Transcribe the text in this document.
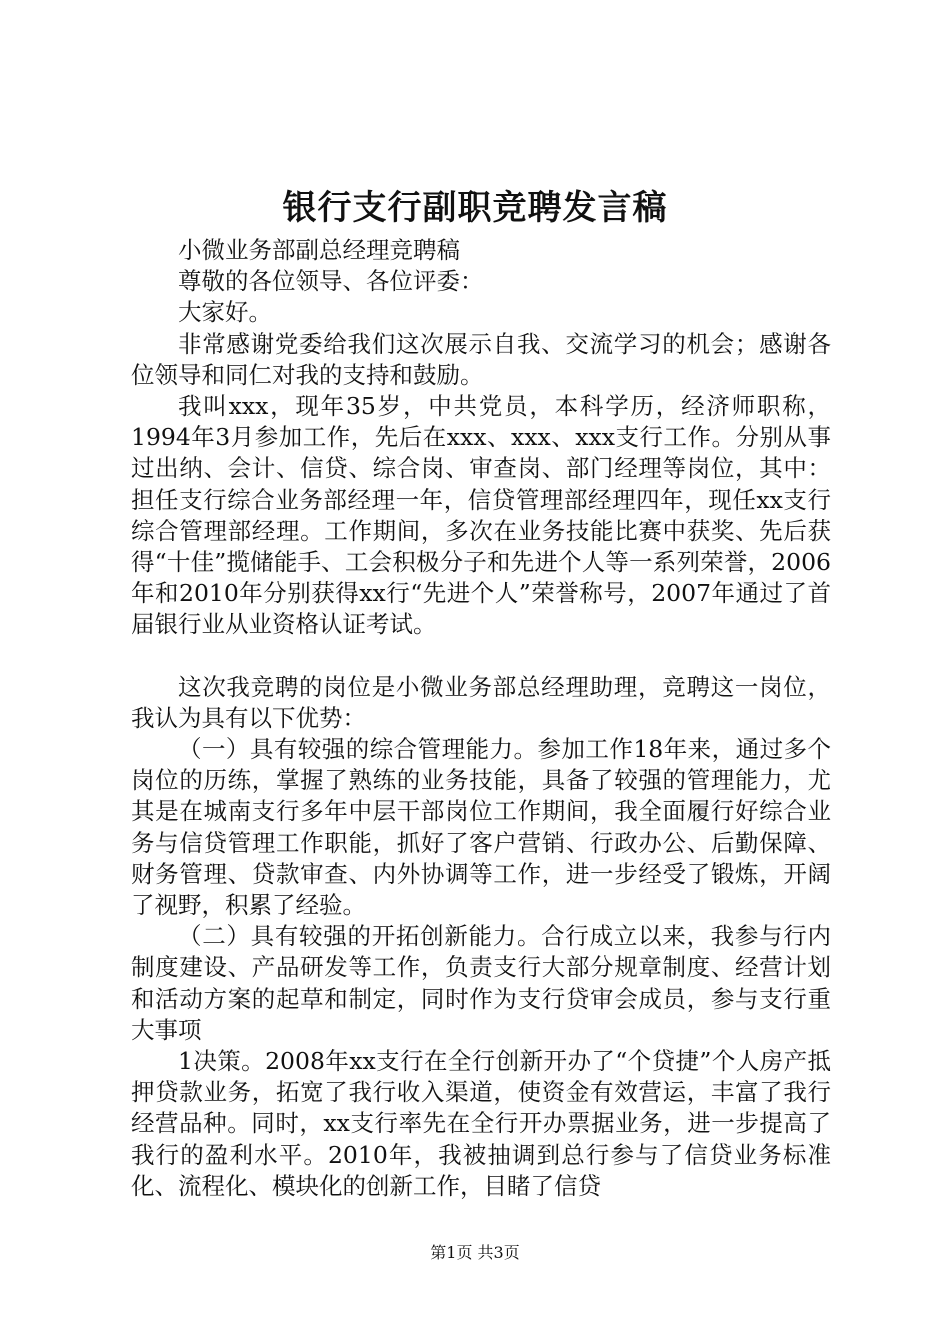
银行支行副职竞聘发言稿

小微业务部副总经理竞聘稿

尊敬的各位领导、各位评委：

大家好。

非常感谢党委给我们这次展示自我、交流学习的机会；感谢各位领导和同仁对我的支持和鼓励。

我叫xxx，现年35岁，中共党员，本科学历，经济师职称，1994年3月参加工作，先后在xxx、xxx、xxx支行工作。分别从事过出纳、会计、信贷、综合岗、审查岗、部门经理等岗位，其中：担任支行综合业务部经理一年，信贷管理部经理四年，现任xx支行综合管理部经理。工作期间，多次在业务技能比赛中获奖、先后获得“十佳”揽储能手、工会积极分子和先进个人等一系列荣誉，2006年和2010年分别获得xx行“先进个人”荣誉称号，2007年通过了首届银行业从业资格认证考试。

这次我竞聘的岗位是小微业务部总经理助理，竞聘这一岗位，我认为具有以下优势：

（一）具有较强的综合管理能力。参加工作18年来，通过多个岗位的历练，掌握了熟练的业务技能，具备了较强的管理能力，尤其是在城南支行多年中层干部岗位工作期间，我全面履行好综合业务与信贷管理工作职能，抓好了客户营销、行政办公、后勤保障、财务管理、贷款审查、内外协调等工作，进一步经受了锻炼，开阔了视野，积累了经验。

（二）具有较强的开拓创新能力。合行成立以来，我参与行内制度建设、产品研发等工作，负责支行大部分规章制度、经营计划和活动方案的起草和制定，同时作为支行贷审会成员，参与支行重大事项

1决策。2008年xx支行在全行创新开办了“个贷捷”个人房产抵押贷款业务，拓宽了我行收入渠道，使资金有效营运，丰富了我行经营品种。同时，xx支行率先在全行开办票据业务，进一步提高了我行的盈利水平。2010年，我被抽调到总行参与了信贷业务标准化、流程化、模块化的创新工作，目睹了信贷

第1页 共3页
